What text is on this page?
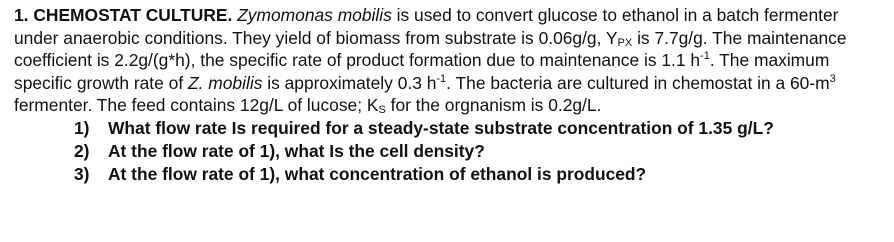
1. CHEMOSTAT CULTURE. Zymomonas mobilis is used to convert glucose to ethanol in a batch fermenter under anaerobic conditions. They yield of biomass from substrate is 0.06g/g, YPX is 7.7g/g. The maintenance coefficient is 2.2g/(g*h), the specific rate of product formation due to maintenance is 1.1 $h^{-1}$. The maximum specific growth rate of Z. mobilis is approximately 0.3 $h^{-1}$. The bacteria are cultured in chemostat in a $60-m^3$ fermenter. The feed contains 12g/L of lucose; KS for the orgnanism is 0.2g/L.

1) What flow rate Is required for a steady-state substrate concentration of 1.35 g/L?
2) At the flow rate of 1), what Is the cell density?
3) At the flow rate of 1), what concentration of ethanol is produced?
